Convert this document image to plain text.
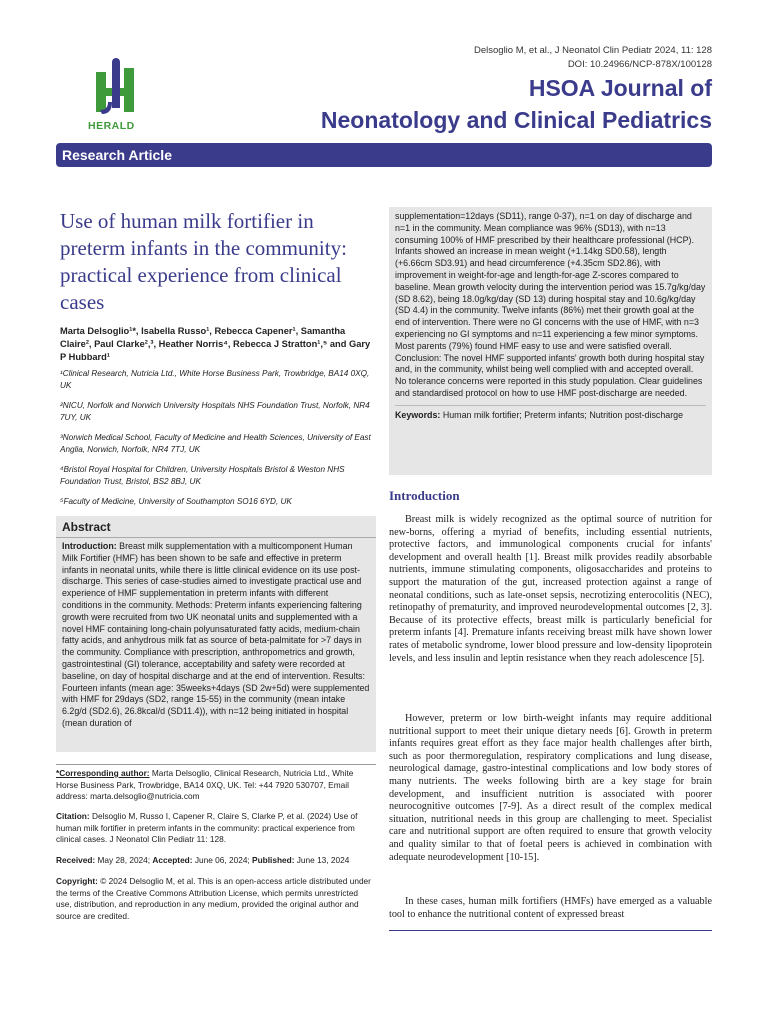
HERALD
Delsoglio M, et al., J Neonatol Clin Pediatr 2024, 11: 128
DOI: 10.24966/NCP-878X/100128
HSOA Journal of
Neonatology and Clinical Pediatrics
Research Article
Use of human milk fortifier in preterm infants in the community: practical experience from clinical cases
Marta Delsoglio¹*, Isabella Russo¹, Rebecca Capener¹, Samantha Claire², Paul Clarke²,³, Heather Norris⁴, Rebecca J Stratton¹,⁵ and Gary P Hubbard¹
¹Clinical Research, Nutricia Ltd., White Horse Business Park, Trowbridge, BA14 0XQ, UK
²NICU, Norfolk and Norwich University Hospitals NHS Foundation Trust, Norfolk, NR4 7UY, UK
³Norwich Medical School, Faculty of Medicine and Health Sciences, University of East Anglia, Norwich, Norfolk, NR4 7TJ, UK
⁴Bristol Royal Hospital for Children, University Hospitals Bristol & Weston NHS Foundation Trust, Bristol, BS2 8BJ, UK
⁵Faculty of Medicine, University of Southampton SO16 6YD, UK
Abstract
Introduction: Breast milk supplementation with a multicomponent Human Milk Fortifier (HMF) has been shown to be safe and effective in preterm infants in neonatal units, while there is little clinical evidence on its use post-discharge. This series of case-studies aimed to investigate practical use and experience of HMF supplementation in preterm infants with different conditions in the community. Methods: Preterm infants experiencing faltering growth were recruited from two UK neonatal units and supplemented with a novel HMF containing long-chain polyunsaturated fatty acids, medium-chain fatty acids, and anhydrous milk fat as source of beta-palmitate for >7 days in the community. Compliance with prescription, anthropometrics and growth, gastrointestinal (GI) tolerance, acceptability and safety were recorded at baseline, on day of hospital discharge and at the end of intervention. Results: Fourteen infants (mean age: 35weeks+4days (SD 2w+5d) were supplemented with HMF for 29days (SD2, range 15-55) in the community (mean intake 6.2g/d (SD2.6), 26.8kcal/d (SD11.4)), with n=12 being initiated in hospital (mean duration of
*Corresponding author: Marta Delsoglio, Clinical Research, Nutricia Ltd., White Horse Business Park, Trowbridge, BA14 0XQ, UK. Tel: +44 7920 530707, Email address: marta.delsoglio@nutricia.com
Citation: Delsoglio M, Russo I, Capener R, Claire S, Clarke P, et al. (2024) Use of human milk fortifier in preterm infants in the community: practical experience from clinical cases. J Neonatol Clin Pediatr 11: 128.
Received: May 28, 2024; Accepted: June 06, 2024; Published: June 13, 2024
Copyright: © 2024 Delsoglio M, et al. This is an open-access article distributed under the terms of the Creative Commons Attribution License, which permits unrestricted use, distribution, and reproduction in any medium, provided the original author and source are credited.
supplementation=12days (SD11), range 0-37), n=1 on day of discharge and n=1 in the community. Mean compliance was 96% (SD13), with n=13 consuming 100% of HMF prescribed by their healthcare professional (HCP). Infants showed an increase in mean weight (+1.14kg SD0.58), length (+6.66cm SD3.91) and head circumference (+4.35cm SD2.86), with improvement in weight-for-age and length-for-age Z-scores compared to baseline. Mean growth velocity during the intervention period was 15.7g/kg/day (SD 8.62), being 18.0g/kg/day (SD 13) during hospital stay and 10.6g/kg/day (SD 4.4) in the community. Twelve infants (86%) met their growth goal at the end of intervention. There were no GI concerns with the use of HMF, with n=3 experiencing no GI symptoms and n=11 experiencing a few minor symptoms. Most parents (79%) found HMF easy to use and were satisfied overall. Conclusion: The novel HMF supported infants' growth both during hospital stay and, in the community, whilst being well complied with and accepted overall. No tolerance concerns were reported in this study population. Clear guidelines and standardised protocol on how to use HMF post-discharge are needed.
Keywords: Human milk fortifier; Preterm infants; Nutrition post-discharge
Introduction
Breast milk is widely recognized as the optimal source of nutrition for new-borns, offering a myriad of benefits, including essential nutrients, protective factors, and immunological components crucial for infants' development and overall health [1]. Breast milk provides readily absorbable nutrients, immune stimulating components, oligosaccharides and proteins to support the maturation of the gut, increased protection against a range of neonatal conditions, such as late-onset sepsis, necrotizing enterocolitis (NEC), retinopathy of prematurity, and improved neurodevelopmental outcomes [2, 3]. Because of its protective effects, breast milk is particularly beneficial for preterm infants [4]. Premature infants receiving breast milk have shown lower rates of metabolic syndrome, lower blood pressure and low-density lipoprotein levels, and less insulin and leptin resistance when they reach adolescence [5].
However, preterm or low birth-weight infants may require additional nutritional support to meet their unique dietary needs [6]. Growth in preterm infants requires great effort as they face major health challenges after birth, such as poor thermoregulation, respiratory complications and lung disease, neurological damage, gastro-intestinal complications and low body stores of many nutrients. The weeks following birth are a key stage for brain development, and insufficient nutrition is associated with poorer neurocognitive outcomes [7-9]. As a direct result of the complex medical situation, nutritional needs in this group are challenging to meet. Specialist care and nutritional support are often required to ensure that growth velocity and quality similar to that of foetal peers is achieved in combination with adequate neurodevelopment [10-15].
In these cases, human milk fortifiers (HMFs) have emerged as a valuable tool to enhance the nutritional content of expressed breast
